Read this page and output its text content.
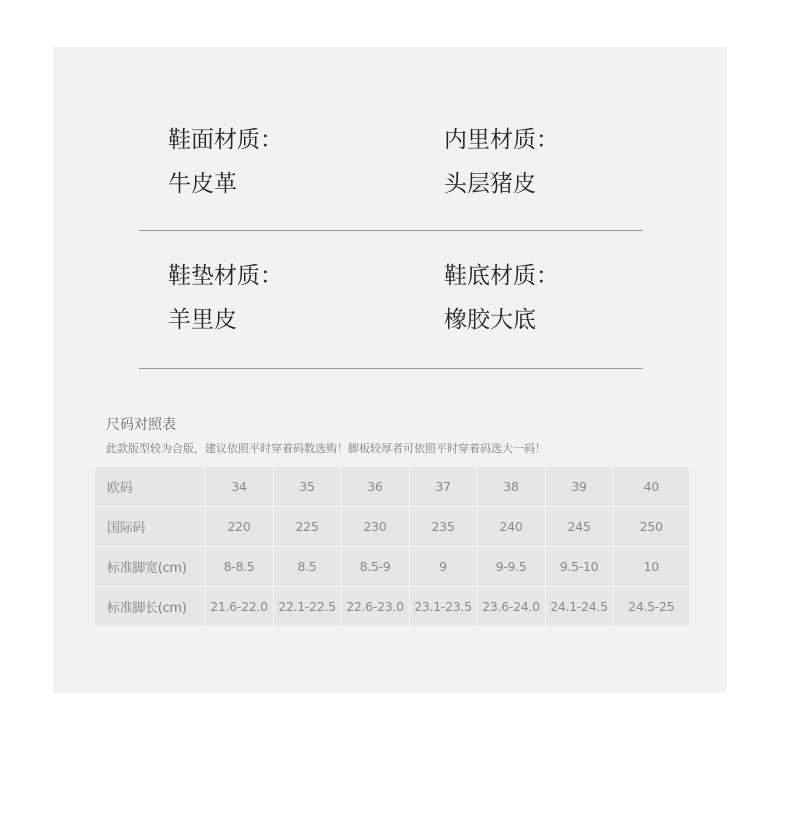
鞋面材质：
牛皮革
内里材质：
头层猪皮
鞋垫材质：
羊里皮
鞋底材质：
橡胶大底
尺码对照表
此款版型较为合版，建议依照平时穿着码数选购！脚板较厚者可依照平时穿着码选大一码！
欧码	34	35	36	37	38	39	40
国际码	220	225	230	235	240	245	250
标准脚宽(cm)	8-8.5	8.5	8.5-9	9	9-9.5	9.5-10	10
标准脚长(cm)	21.6-22.0	22.1-22.5	22.6-23.0	23.1-23.5	23.6-24.0	24.1-24.5	24.5-25
